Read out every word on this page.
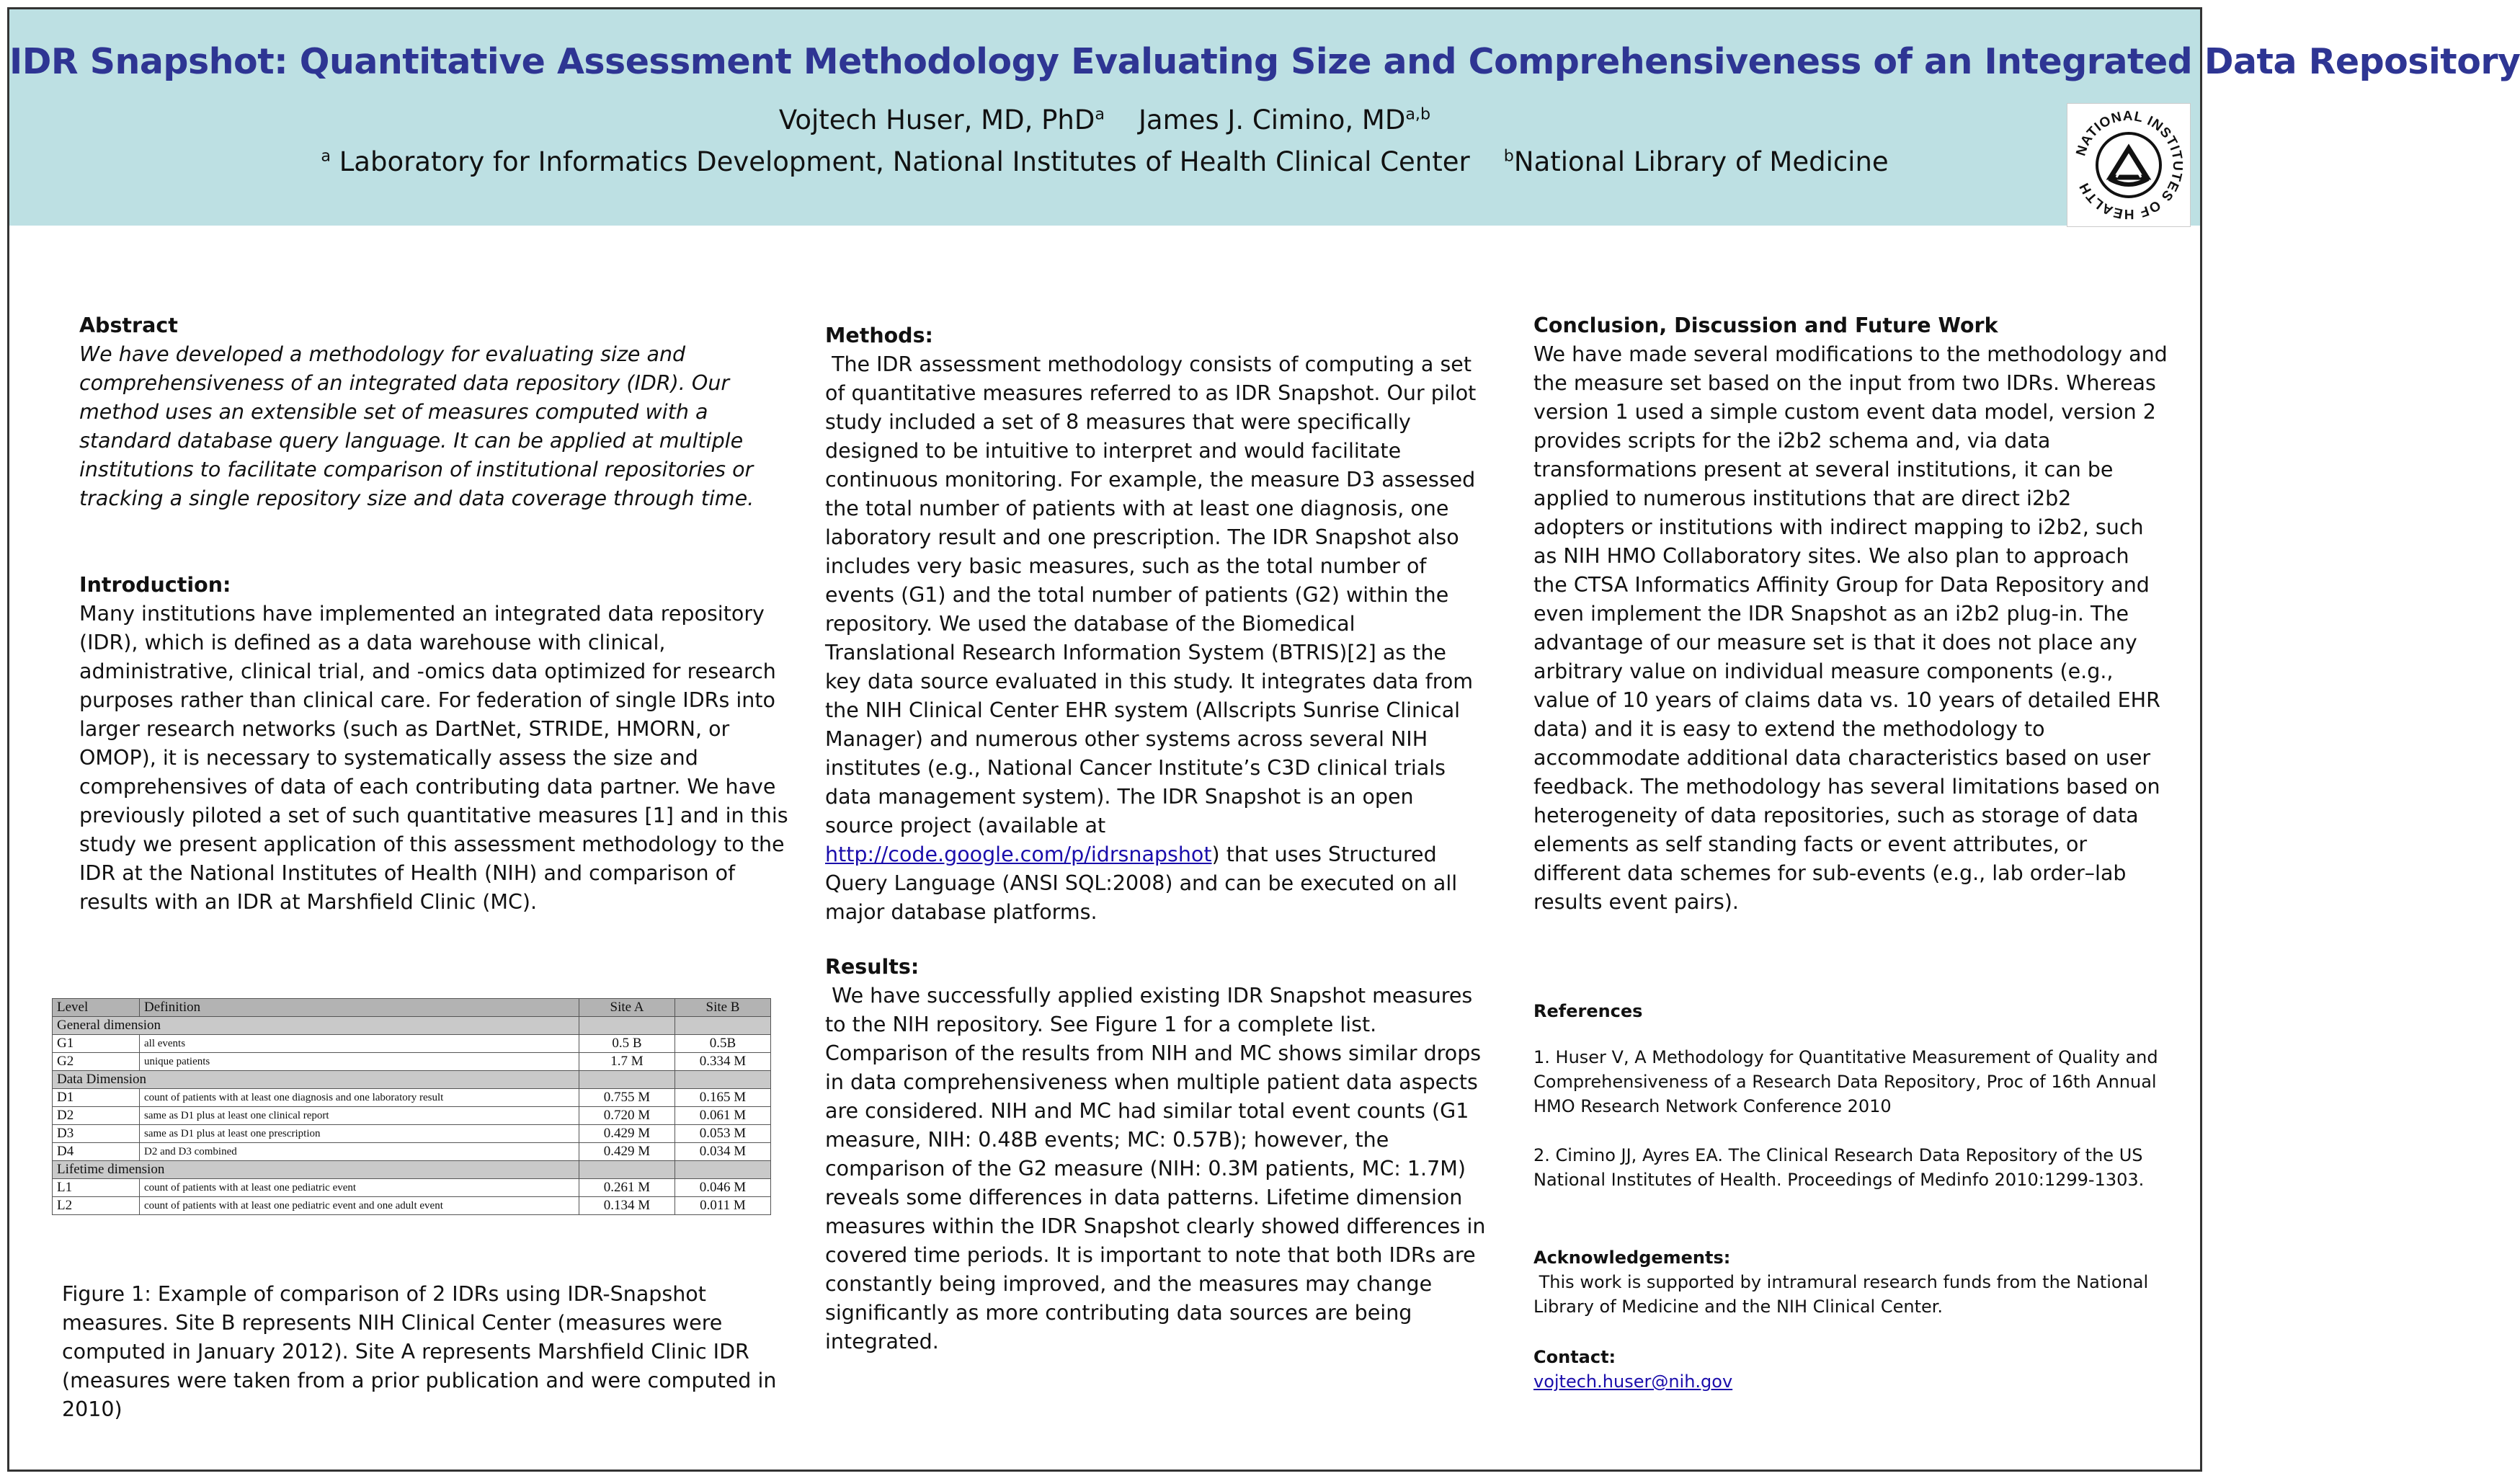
IDR Snapshot: Quantitative Assessment Methodology Evaluating Size and Comprehensiveness of an Integrated Data Repository
Vojtech Huser, MD, PhD$^a$ James J. Cimino, MD$^{a,b}$
$^a$ Laboratory for Informatics Development, National Institutes of Health Clinical Center $^b$National Library of Medicine	NATIONAL INSTITUTES OF HEALTH
Abstract

We have developed a methodology for evaluating size and comprehensiveness of an integrated data repository (IDR). Our method uses an extensible set of measures computed with a standard database query language. It can be applied at multiple institutions to facilitate comparison of institutional repositories or tracking a single repository size and data coverage through time.

Introduction:

Many institutions have implemented an integrated data repository (IDR), which is defined as a data warehouse with clinical, administrative, clinical trial, and -omics data optimized for research purposes rather than clinical care. For federation of single IDRs into larger research networks (such as DartNet, STRIDE, HMORN, or OMOP), it is necessary to systematically assess the size and comprehensives of data of each contributing data partner. We have previously piloted a set of such quantitative measures [1] and in this study we present application of this assessment methodology to the IDR at the National Institutes of Health (NIH) and comparison of results with an IDR at Marshfield Clinic (MC).

Level	Definition	Site A	Site B
General dimension			
G1	all events	0.5 B	0.5B
G2	unique patients	1.7 M	0.334 M
Data Dimension			
D1	count of patients with at least one diagnosis and one laboratory result	0.755 M	0.165 M
D2	same as D1 plus at least one clinical report	0.720 M	0.061 M
D3	same as D1 plus at least one prescription	0.429 M	0.053 M
D4	D2 and D3 combined	0.429 M	0.034 M
Lifetime dimension			
L1	count of patients with at least one pediatric event	0.261 M	0.046 M
L2	count of patients with at least one pediatric event and one adult event	0.134 M	0.011 M
Figure 1: Example of comparison of 2 IDRs using IDR-Snapshot measures. Site B represents NIH Clinical Center (measures were computed in January 2012). Site A represents Marshfield Clinic IDR (measures were taken from a prior publication and were computed in 2010)
Methods:

The IDR assessment methodology consists of computing a set of quantitative measures referred to as IDR Snapshot. Our pilot study included a set of 8 measures that were specifically designed to be intuitive to interpret and would facilitate continuous monitoring. For example, the measure D3 assessed the total number of patients with at least one diagnosis, one laboratory result and one prescription. The IDR Snapshot also includes very basic measures, such as the total number of events (G1) and the total number of patients (G2) within the repository. We used the database of the Biomedical Translational Research Information System (BTRIS)[2] as the key data source evaluated in this study. It integrates data from the NIH Clinical Center EHR system (Allscripts Sunrise Clinical Manager) and numerous other systems across several NIH institutes (e.g., National Cancer Institute’s C3D clinical trials data management system). The IDR Snapshot is an open source project (available at http://code.google.com/p/idrsnapshot) that uses Structured Query Language (ANSI SQL:2008) and can be executed on all major database platforms.

Results:

We have successfully applied existing IDR Snapshot measures to the NIH repository. See Figure 1 for a complete list. Comparison of the results from NIH and MC shows similar drops in data comprehensiveness when multiple patient data aspects are considered. NIH and MC had similar total event counts (G1 measure, NIH: 0.48B events; MC: 0.57B); however, the comparison of the G2 measure (NIH: 0.3M patients, MC: 1.7M) reveals some differences in data patterns. Lifetime dimension measures within the IDR Snapshot clearly showed differences in covered time periods. It is important to note that both IDRs are constantly being improved, and the measures may change significantly as more contributing data sources are being integrated.

Conclusion, Discussion and Future Work

We have made several modifications to the methodology and the measure set based on the input from two IDRs. Whereas version 1 used a simple custom event data model, version 2 provides scripts for the i2b2 schema and, via data transformations present at several institutions, it can be applied to numerous institutions that are direct i2b2 adopters or institutions with indirect mapping to i2b2, such as NIH HMO Collaboratory sites. We also plan to approach the CTSA Informatics Affinity Group for Data Repository and even implement the IDR Snapshot as an i2b2 plug-in. The advantage of our measure set is that it does not place any arbitrary value on individual measure components (e.g., value of 10 years of claims data vs. 10 years of detailed EHR data) and it is easy to extend the methodology to accommodate additional data characteristics based on user feedback. The methodology has several limitations based on heterogeneity of data repositories, such as storage of data elements as self standing facts or event attributes, or different data schemes for sub-events (e.g., lab order–lab results event pairs).

References

1. Huser V, A Methodology for Quantitative Measurement of Quality and Comprehensiveness of a Research Data Repository, Proc of 16th Annual HMO Research Network Conference 2010

2. Cimino JJ, Ayres EA. The Clinical Research Data Repository of the US National Institutes of Health. Proceedings of Medinfo 2010:1299-1303.

Acknowledgements:

This work is supported by intramural research funds from the National Library of Medicine and the NIH Clinical Center.

Contact:
vojtech.huser@nih.gov
